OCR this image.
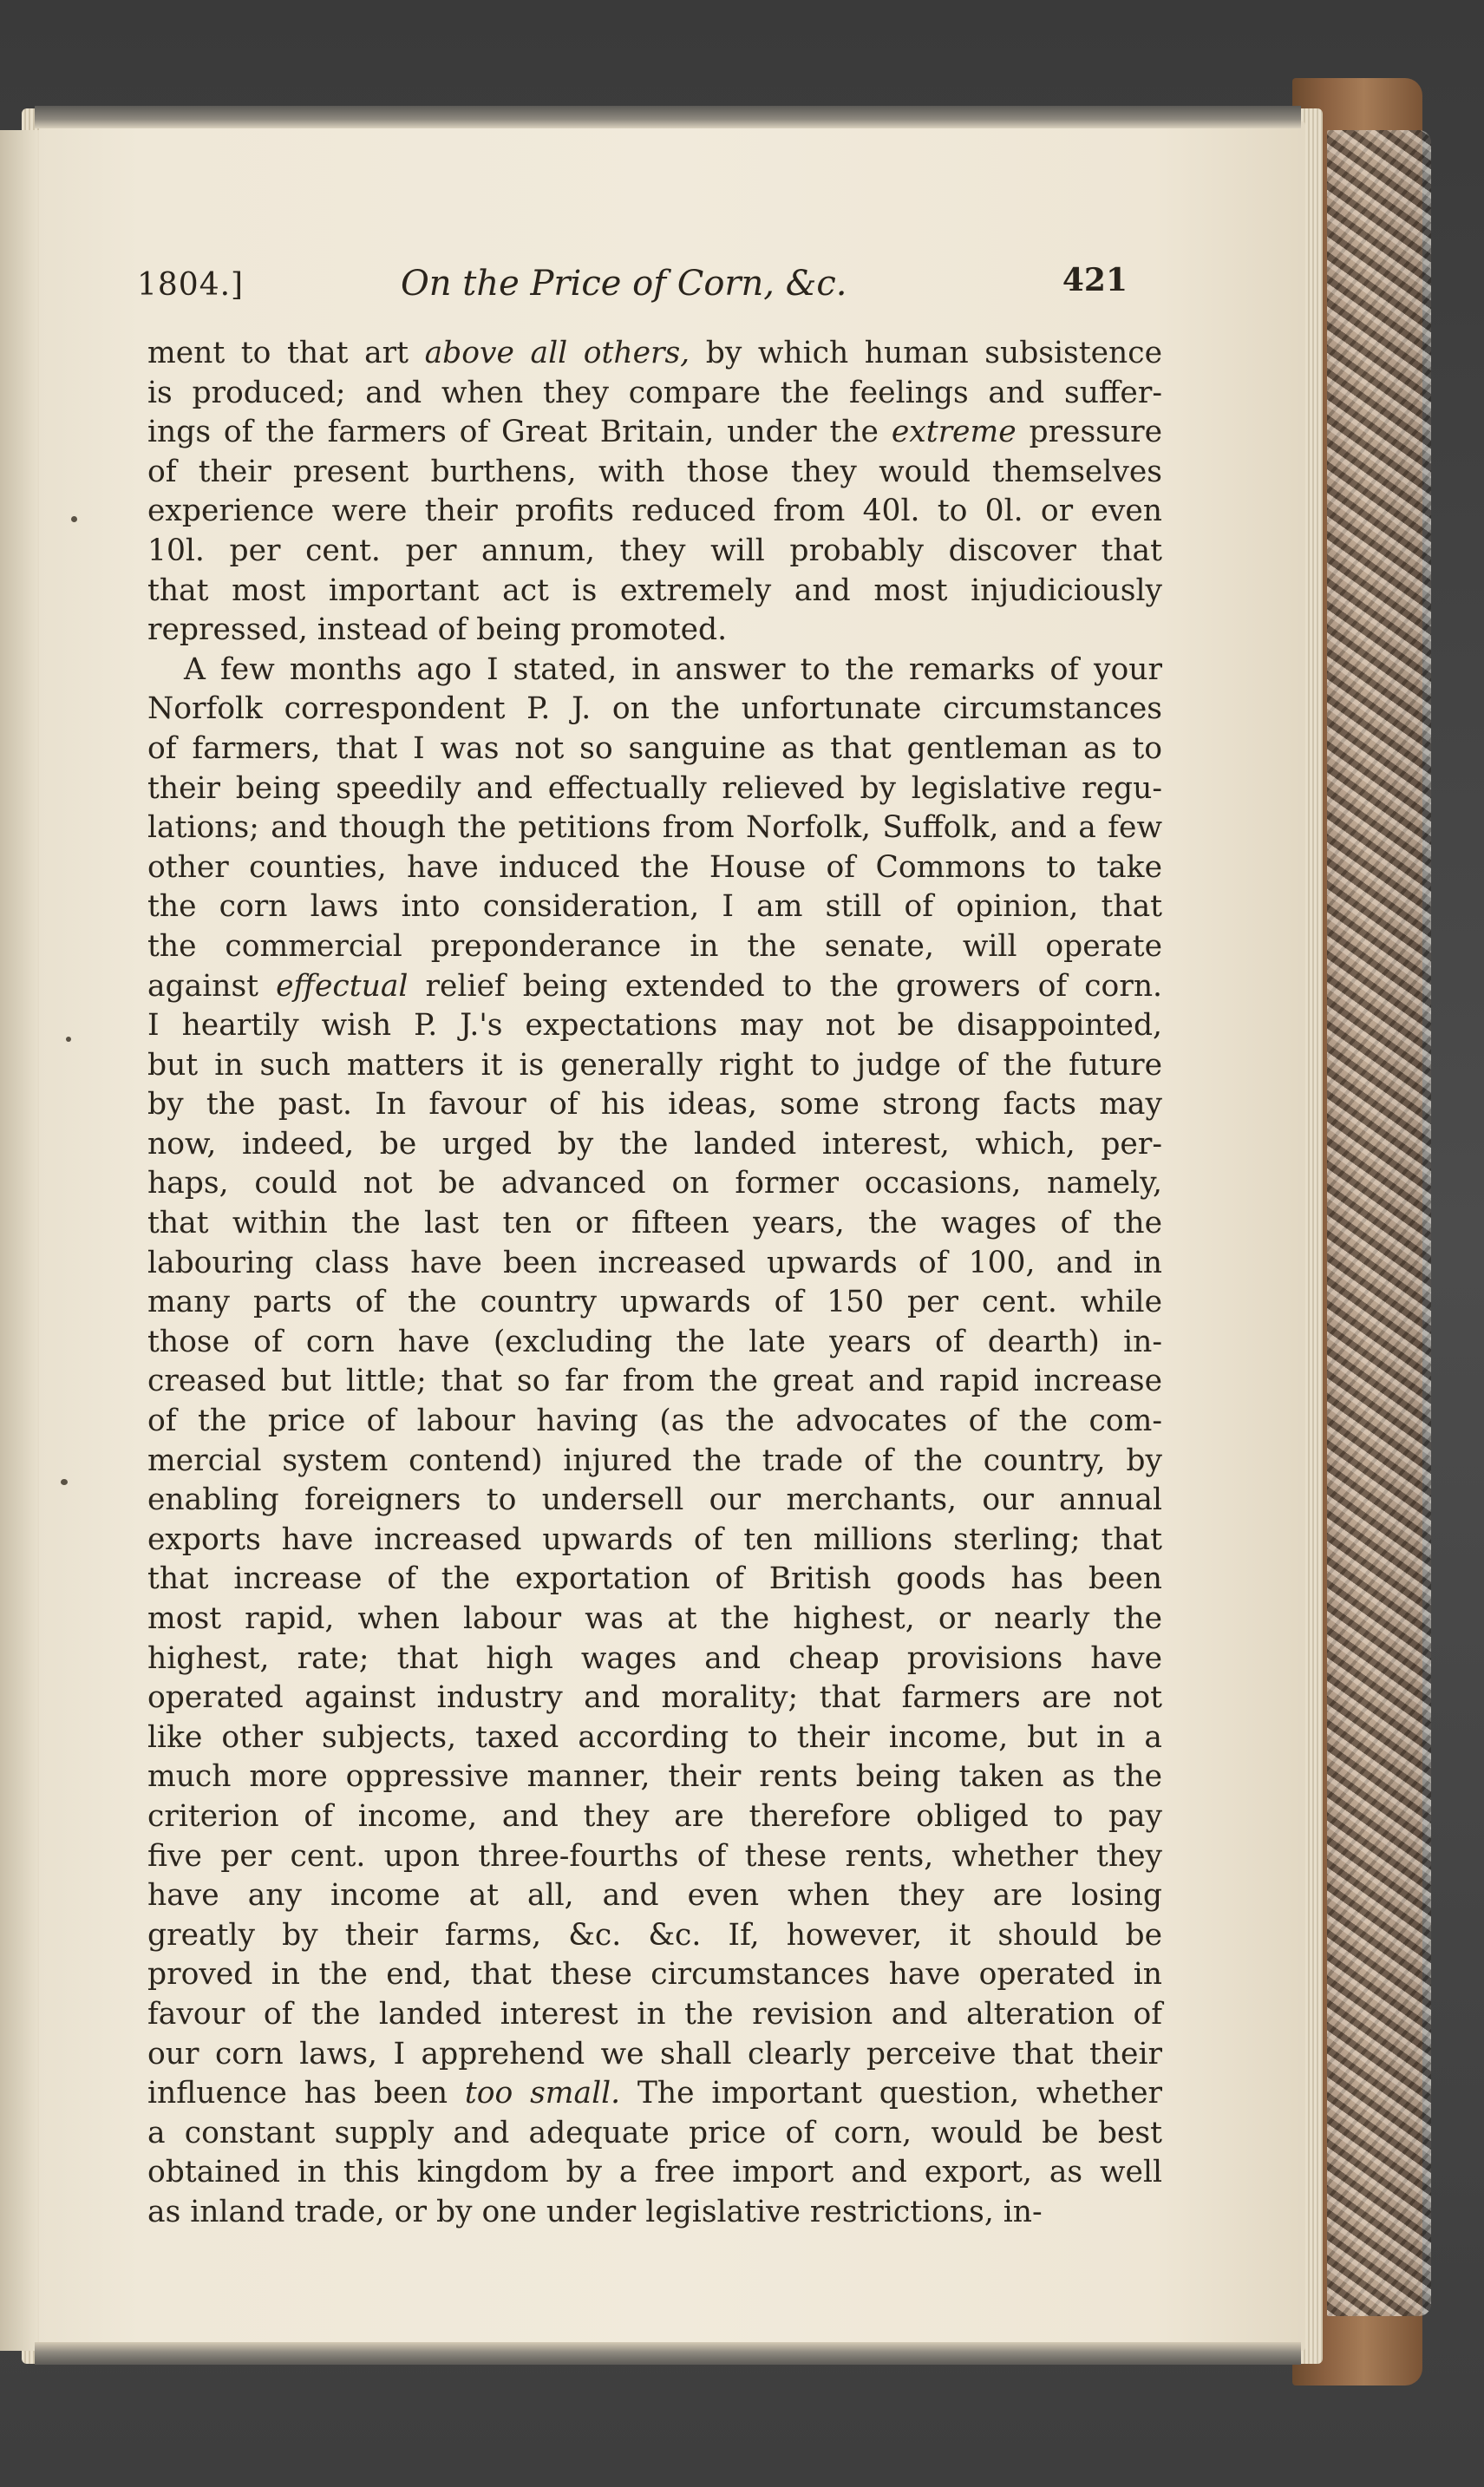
1804.]	On the Price of Corn, &c.	421
ment to that art above all others, by which human subsistence
is produced; and when they compare the feelings and suffer-
ings of the farmers of Great Britain, under the extreme pressure
of their present burthens, with those they would themselves
experience were their profits reduced from 40l. to 0l. or even
10l. per cent. per annum, they will probably discover that
that most important act is extremely and most injudiciously
repressed, instead of being promoted.
A few months ago I stated, in answer to the remarks of your
Norfolk correspondent P. J. on the unfortunate circumstances
of farmers, that I was not so sanguine as that gentleman as to
their being speedily and effectually relieved by legislative regu-
lations; and though the petitions from Norfolk, Suffolk, and a few
other counties, have induced the House of Commons to take
the corn laws into consideration, I am still of opinion, that
the commercial preponderance in the senate, will operate
against effectual relief being extended to the growers of corn.
I heartily wish P. J.'s expectations may not be disappointed,
but in such matters it is generally right to judge of the future
by the past. In favour of his ideas, some strong facts may
now, indeed, be urged by the landed interest, which, per-
haps, could not be advanced on former occasions, namely,
that within the last ten or fifteen years, the wages of the
labouring class have been increased upwards of 100, and in
many parts of the country upwards of 150 per cent. while
those of corn have (excluding the late years of dearth) in-
creased but little; that so far from the great and rapid increase
of the price of labour having (as the advocates of the com-
mercial system contend) injured the trade of the country, by
enabling foreigners to undersell our merchants, our annual
exports have increased upwards of ten millions sterling; that
that increase of the exportation of British goods has been
most rapid, when labour was at the highest, or nearly the
highest, rate; that high wages and cheap provisions have
operated against industry and morality; that farmers are not
like other subjects, taxed according to their income, but in a
much more oppressive manner, their rents being taken as the
criterion of income, and they are therefore obliged to pay
five per cent. upon three-fourths of these rents, whether they
have any income at all, and even when they are losing
greatly by their farms, &c. &c. If, however, it should be
proved in the end, that these circumstances have operated in
favour of the landed interest in the revision and alteration of
our corn laws, I apprehend we shall clearly perceive that their
influence has been too small. The important question, whether
a constant supply and adequate price of corn, would be best
obtained in this kingdom by a free import and export, as well
as inland trade, or by one under legislative restrictions, in-
